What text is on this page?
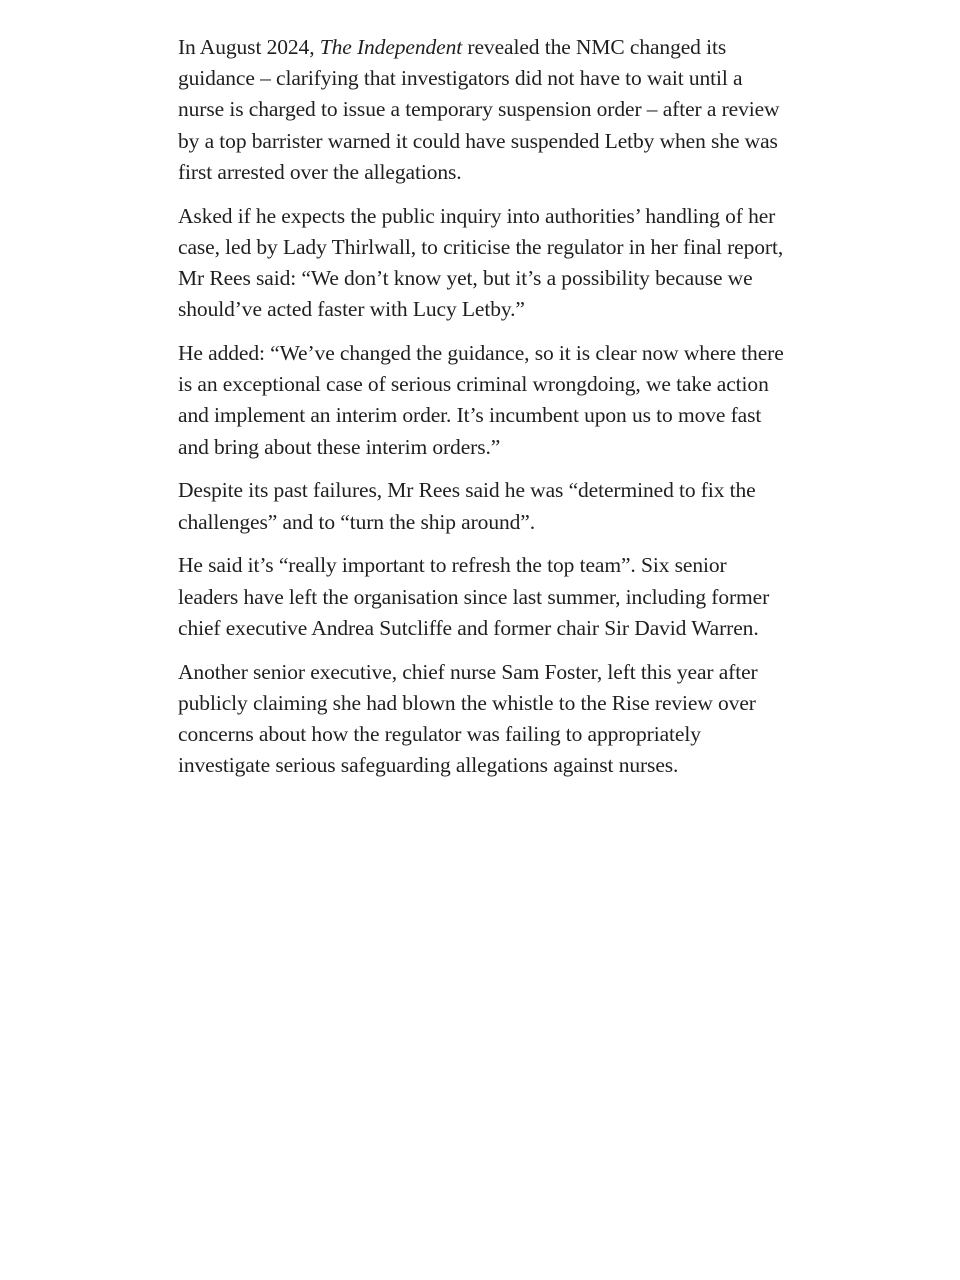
In August 2024, The Independent revealed the NMC changed its guidance – clarifying that investigators did not have to wait until a nurse is charged to issue a temporary suspension order – after a review by a top barrister warned it could have suspended Letby when she was first arrested over the allegations.

Asked if he expects the public inquiry into authorities’ handling of her case, led by Lady Thirlwall, to criticise the regulator in her final report, Mr Rees said: “We don’t know yet, but it’s a possibility because we should’ve acted faster with Lucy Letby.”

He added: “We’ve changed the guidance, so it is clear now where there is an exceptional case of serious criminal wrongdoing, we take action and implement an interim order. It’s incumbent upon us to move fast and bring about these interim orders.”

Despite its past failures, Mr Rees said he was “determined to fix the challenges” and to “turn the ship around”.

He said it’s “really important to refresh the top team”. Six senior leaders have left the organisation since last summer, including former chief executive Andrea Sutcliffe and former chair Sir David Warren.

Another senior executive, chief nurse Sam Foster, left this year after publicly claiming she had blown the whistle to the Rise review over concerns about how the regulator was failing to appropriately investigate serious safeguarding allegations against nurses.
